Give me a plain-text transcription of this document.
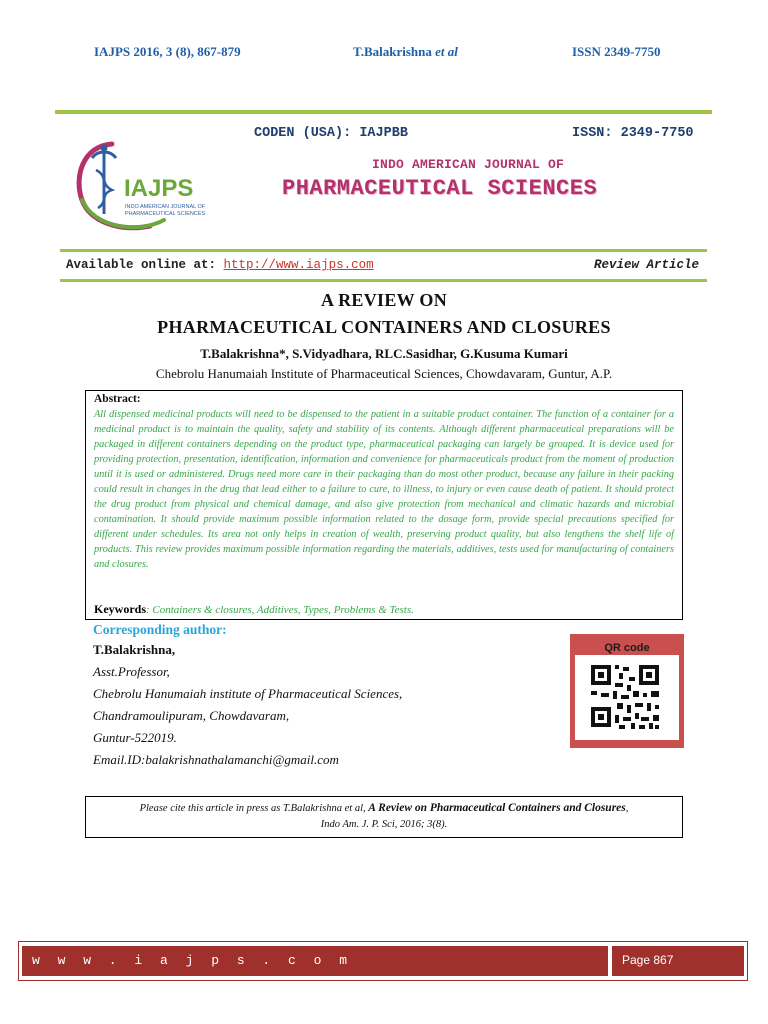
IAJPS 2016, 3 (8), 867-879	T.Balakrishna et al	ISSN 2349-7750
IAJPS
INDO AMERICAN JOURNAL OF
PHARMACEUTICAL SCIENCES
CODEN (USA): IAJPBB	ISSN: 2349-7750
INDO AMERICAN JOURNAL OF
PHARMACEUTICAL SCIENCES
Available online at: http://www.iajps.com	Review Article
A REVIEW ON
PHARMACEUTICAL CONTAINERS AND CLOSURES
T.Balakrishna*, S.Vidyadhara, RLC.Sasidhar, G.Kusuma Kumari
Chebrolu Hanumaiah Institute of Pharmaceutical Sciences, Chowdavaram, Guntur, A.P.
Abstract:
All dispensed medicinal products will need to be dispensed to the patient in a suitable product container. The function of a container for a medicinal product is to maintain the quality, safety and stability of its contents. Although different pharmaceutical preparations will be packaged in different containers depending on the product type, pharmaceutical packaging can largely be grouped. It is device used for providing protection, presentation, identification, information and convenience for pharmaceuticals product from the moment of production until it is used or administered. Drugs need more care in their packaging than do most other product, because any failure in their packing could result in changes in the drug that lead either to a failure to cure, to illness, to injury or even cause death of patient. It should protect the drug product from physical and chemical damage, and also give protection from mechanical and climatic hazards and microbial contamination. It should provide maximum possible information related to the dosage form, provide special precautions specified for different under schedules. Its area not only helps in creation of wealth, preserving product quality, but also lengthens the shelf life of products. This review provides maximum possible information regarding the materials, additives, tests used for manufacturing of containers and closures.
Keywords: Containers & closures, Additives, Types, Problems & Tests.
Corresponding author:
T.Balakrishna,
Asst.Professor,
Chebrolu Hanumaiah institute of Pharmaceutical Sciences,
Chandramoulipuram, Chowdavaram,
Guntur-522019.
Email.ID:balakrishnathalamanchi@gmail.com
QR code
Please cite this article in press as T.Balakrishna et al, A Review on Pharmaceutical Containers and Closures,
Indo Am. J. P. Sci, 2016; 3(8).
w w w . i a j p s . c o m	Page 867
